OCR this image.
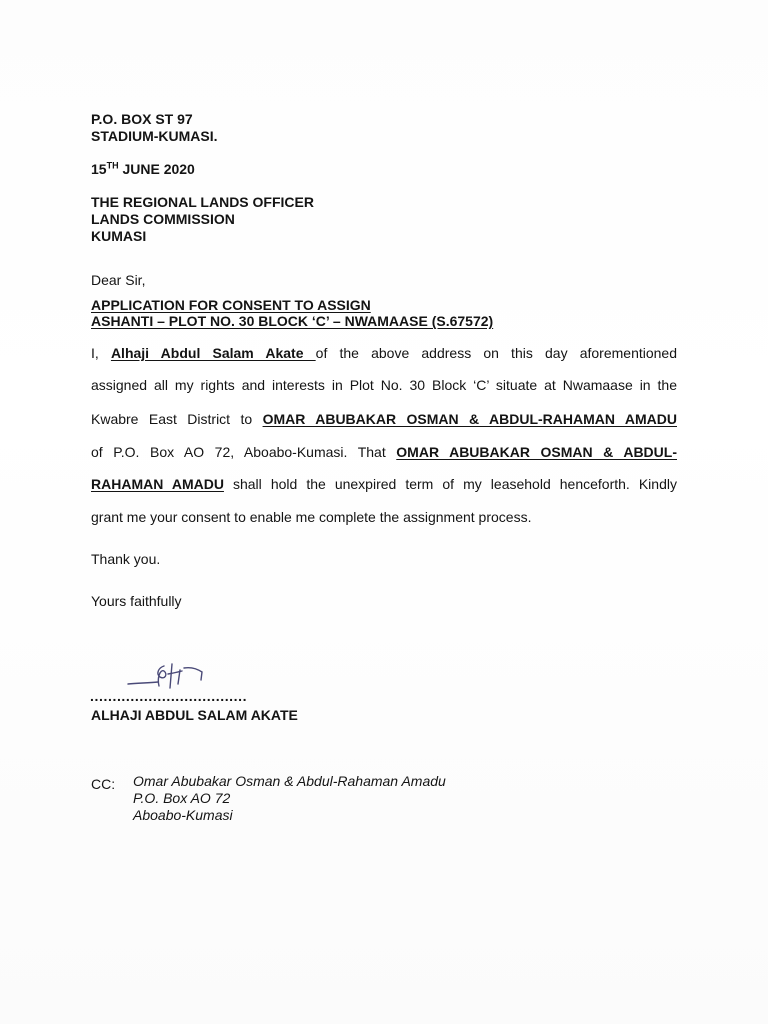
P.O. BOX ST 97
STADIUM-KUMASI.
15TH JUNE 2020
THE REGIONAL LANDS OFFICER
LANDS COMMISSION
KUMASI
Dear Sir,
APPLICATION FOR CONSENT TO ASSIGN
ASHANTI – PLOT NO. 30 BLOCK ‘C’ – NWAMAASE (S.67572)
I, Alhaji Abdul Salam Akate of the above address on this day aforementioned
assigned all my rights and interests in Plot No. 30 Block ‘C’ situate at Nwamaase in the
Kwabre East District to OMAR ABUBAKAR OSMAN & ABDUL-RAHAMAN AMADU
of P.O. Box AO 72, Aboabo-Kumasi. That OMAR ABUBAKAR OSMAN & ABDUL-
RAHAMAN AMADU shall hold the unexpired term of my leasehold henceforth. Kindly
grant me your consent to enable me complete the assignment process.
Thank you.
Yours faithfully
...................................
ALHAJI ABDUL SALAM AKATE
CC: Omar Abubakar Osman & Abdul-Rahaman Amadu
P.O. Box AO 72
Aboabo-Kumasi
